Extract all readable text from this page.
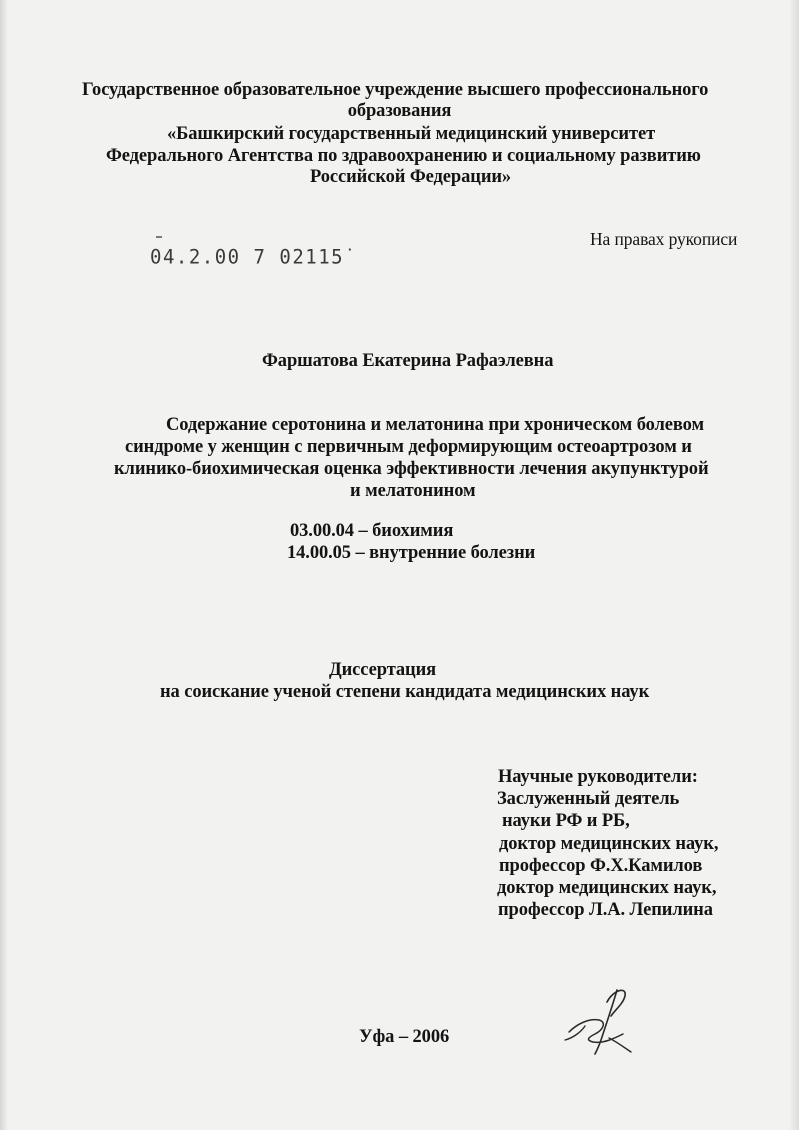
Государственное образовательное учреждение высшего профессионального
образования
«Башкирский государственный медицинский университет
Федерального Агентства по здравоохранению и социальному развитию
Российской Федерации»
На правах рукописи
04.2.00 7 02115˙
Фаршатова Екатерина Рафаэлевна
Содержание серотонина и мелатонина при хроническом болевом
синдроме у женщин с первичным деформирующим остеоартрозом и
клинико-биохимическая оценка эффективности лечения акупунктурой
и мелатонином
03.00.04 – биохимия
14.00.05 – внутренние болезни
Диссертация
на соискание ученой степени кандидата медицинских наук
Научные руководители:
Заслуженный деятель
науки РФ и РБ,
доктор медицинских наук,
профессор Ф.Х.Камилов
доктор медицинских наук,
профессор Л.А. Лепилина
Уфа – 2006
